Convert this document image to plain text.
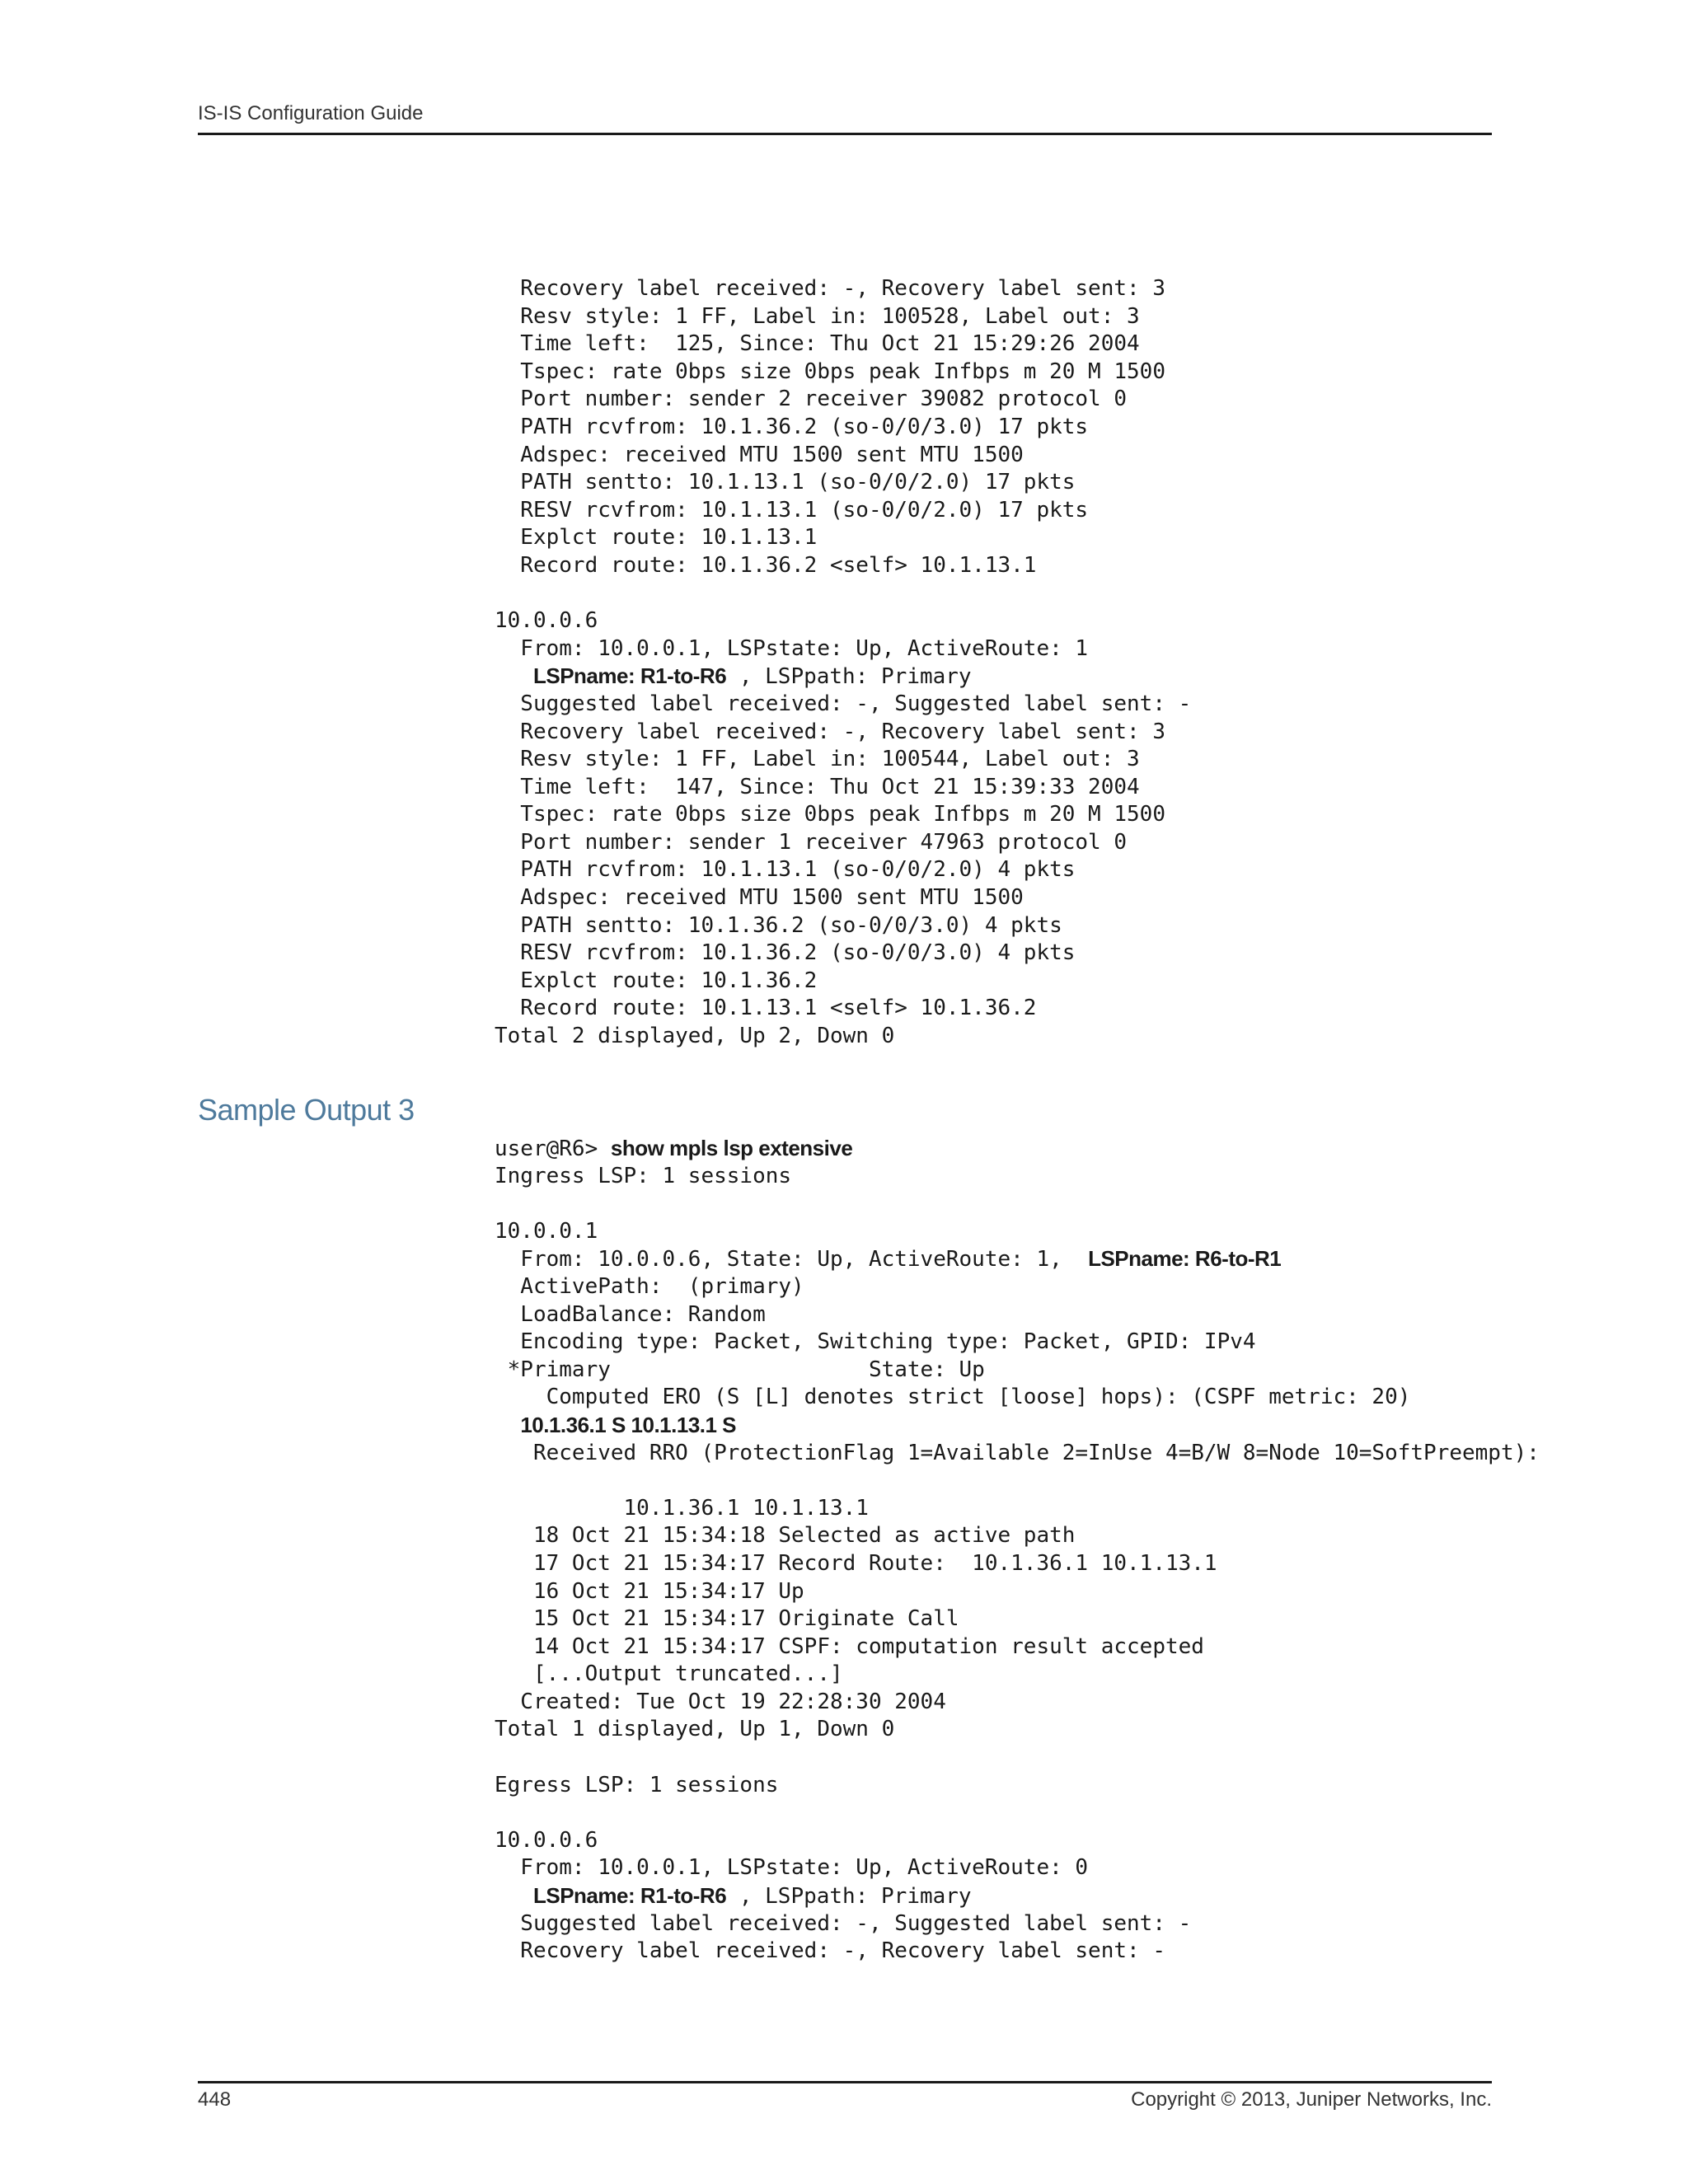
IS-IS Configuration Guide
Recovery label received: -, Recovery label sent: 3
Resv style: 1 FF, Label in: 100528, Label out: 3
Time left:  125, Since: Thu Oct 21 15:29:26 2004
Tspec: rate 0bps size 0bps peak Infbps m 20 M 1500
Port number: sender 2 receiver 39082 protocol 0
PATH rcvfrom: 10.1.36.2 (so-0/0/3.0) 17 pkts
Adspec: received MTU 1500 sent MTU 1500
PATH sentto: 10.1.13.1 (so-0/0/2.0) 17 pkts
RESV rcvfrom: 10.1.13.1 (so-0/0/2.0) 17 pkts
Explct route: 10.1.13.1
Record route: 10.1.36.2 <self> 10.1.13.1
10.0.0.6
From: 10.0.0.1, LSPstate: Up, ActiveRoute: 1
LSPname: R1-to-R6 , LSPpath: Primary
Suggested label received: -, Suggested label sent: -
Recovery label received: -, Recovery label sent: 3
Resv style: 1 FF, Label in: 100544, Label out: 3
Time left:  147, Since: Thu Oct 21 15:39:33 2004
Tspec: rate 0bps size 0bps peak Infbps m 20 M 1500
Port number: sender 1 receiver 47963 protocol 0
PATH rcvfrom: 10.1.13.1 (so-0/0/2.0) 4 pkts
Adspec: received MTU 1500 sent MTU 1500
PATH sentto: 10.1.36.2 (so-0/0/3.0) 4 pkts
RESV rcvfrom: 10.1.36.2 (so-0/0/3.0) 4 pkts
Explct route: 10.1.36.2
Record route: 10.1.13.1 <self> 10.1.36.2
Total 2 displayed, Up 2, Down 0
Sample Output 3
user@R6> show mpls lsp extensive
Ingress LSP: 1 sessions
10.0.0.1
From: 10.0.0.6, State: Up, ActiveRoute: 1,  LSPname: R6-to-R1
ActivePath:  (primary)
LoadBalance: Random
Encoding type: Packet, Switching type: Packet, GPID: IPv4
*Primary                    State: Up
Computed ERO (S [L] denotes strict [loose] hops): (CSPF metric: 20)
10.1.36.1 S 10.1.13.1 S
Received RRO (ProtectionFlag 1=Available 2=InUse 4=B/W 8=Node 10=SoftPreempt):
10.1.36.1 10.1.13.1
18 Oct 21 15:34:18 Selected as active path
17 Oct 21 15:34:17 Record Route:  10.1.36.1 10.1.13.1
16 Oct 21 15:34:17 Up
15 Oct 21 15:34:17 Originate Call
14 Oct 21 15:34:17 CSPF: computation result accepted
[...Output truncated...]
Created: Tue Oct 19 22:28:30 2004
Total 1 displayed, Up 1, Down 0
Egress LSP: 1 sessions
10.0.0.6
From: 10.0.0.1, LSPstate: Up, ActiveRoute: 0
LSPname: R1-to-R6 , LSPpath: Primary
Suggested label received: -, Suggested label sent: -
Recovery label received: -, Recovery label sent: -
448	Copyright © 2013, Juniper Networks, Inc.
